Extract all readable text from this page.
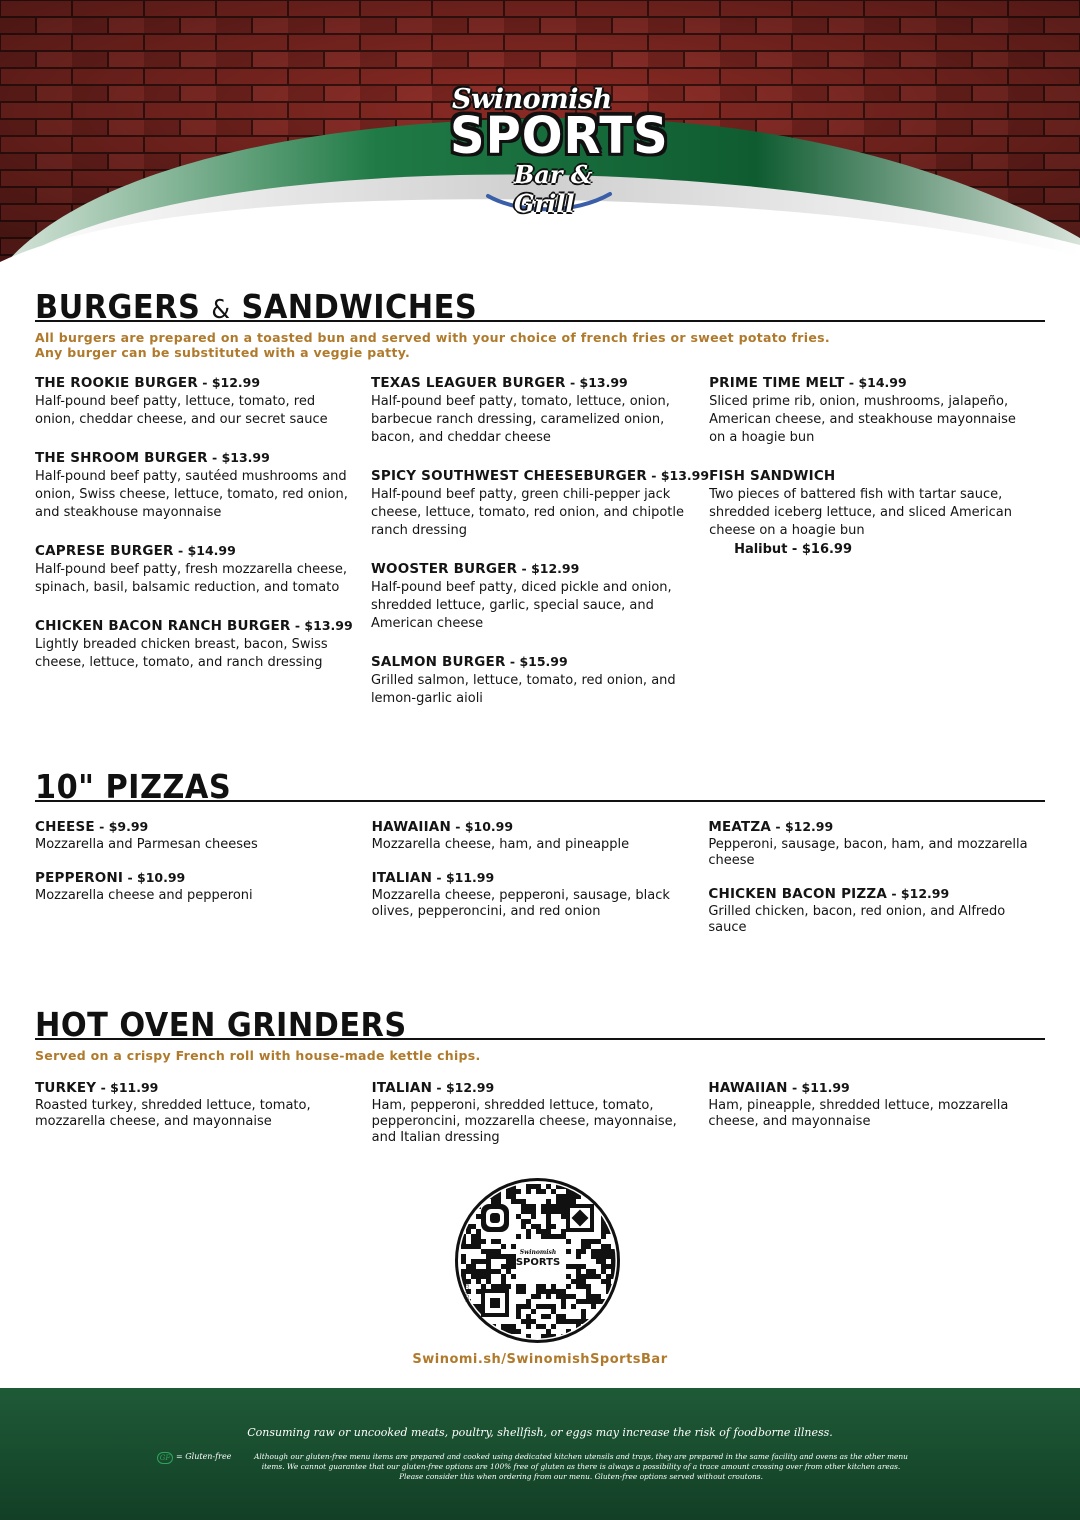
Swinomish
SPORTS
Bar & Grill
BURGERS & SANDWICHES
All burgers are prepared on a toasted bun and served with your choice of french fries or sweet potato fries.
Any burger can be substituted with a veggie patty.
THE ROOKIE BURGER - $12.99
Half-pound beef patty, lettuce, tomato, red onion, cheddar cheese, and our secret sauce
THE SHROOM BURGER - $13.99
Half-pound beef patty, sautéed mushrooms and onion, Swiss cheese, lettuce, tomato, red onion, and steakhouse mayonnaise
CAPRESE BURGER - $14.99
Half-pound beef patty, fresh mozzarella cheese, spinach, basil, balsamic reduction, and tomato
CHICKEN BACON RANCH BURGER - $13.99
Lightly breaded chicken breast, bacon, Swiss cheese, lettuce, tomato, and ranch dressing
TEXAS LEAGUER BURGER - $13.99
Half-pound beef patty, tomato, lettuce, onion, barbecue ranch dressing, caramelized onion, bacon, and cheddar cheese
SPICY SOUTHWEST CHEESEBURGER - $13.99
Half-pound beef patty, green chili-pepper jack cheese, lettuce, tomato, red onion, and chipotle ranch dressing
WOOSTER BURGER - $12.99
Half-pound beef patty, diced pickle and onion, shredded lettuce, garlic, special sauce, and American cheese
SALMON BURGER - $15.99
Grilled salmon, lettuce, tomato, red onion, and lemon-garlic aioli
PRIME TIME MELT - $14.99
Sliced prime rib, onion, mushrooms, jalapeño, American cheese, and steakhouse mayonnaise on a hoagie bun
FISH SANDWICH
Two pieces of battered fish with tartar sauce, shredded iceberg lettuce, and sliced American cheese on a hoagie bun
Halibut - $16.99
10" PIZZAS
CHEESE - $9.99
Mozzarella and Parmesan cheeses
PEPPERONI - $10.99
Mozzarella cheese and pepperoni
HAWAIIAN - $10.99
Mozzarella cheese, ham, and pineapple
ITALIAN - $11.99
Mozzarella cheese, pepperoni, sausage, black olives, pepperoncini, and red onion
MEATZA - $12.99
Pepperoni, sausage, bacon, ham, and mozzarella cheese
CHICKEN BACON PIZZA - $12.99
Grilled chicken, bacon, red onion, and Alfredo sauce
HOT OVEN GRINDERS
Served on a crispy French roll with house-made kettle chips.
TURKEY - $11.99
Roasted turkey, shredded lettuce, tomato, mozzarella cheese, and mayonnaise
ITALIAN - $12.99
Ham, pepperoni, shredded lettuce, tomato, pepperoncini, mozzarella cheese, mayonnaise, and Italian dressing
HAWAIIAN - $11.99
Ham, pineapple, shredded lettuce, mozzarella cheese, and mayonnaise
Swinomish
SPORTS
FLOWCODE
Swinomi.sh/SwinomishSportsBar
Consuming raw or uncooked meats, poultry, shellfish, or eggs may increase the risk of foodborne illness.
GF = Gluten-free	Although our gluten-free menu items are prepared and cooked using dedicated kitchen utensils and trays, they are prepared in the same facility and ovens as the other menu
items. We cannot guarantee that our gluten-free options are 100% free of gluten as there is always a possibility of a trace amount crossing over from other kitchen areas.
Please consider this when ordering from our menu. Gluten-free options served without croutons.
